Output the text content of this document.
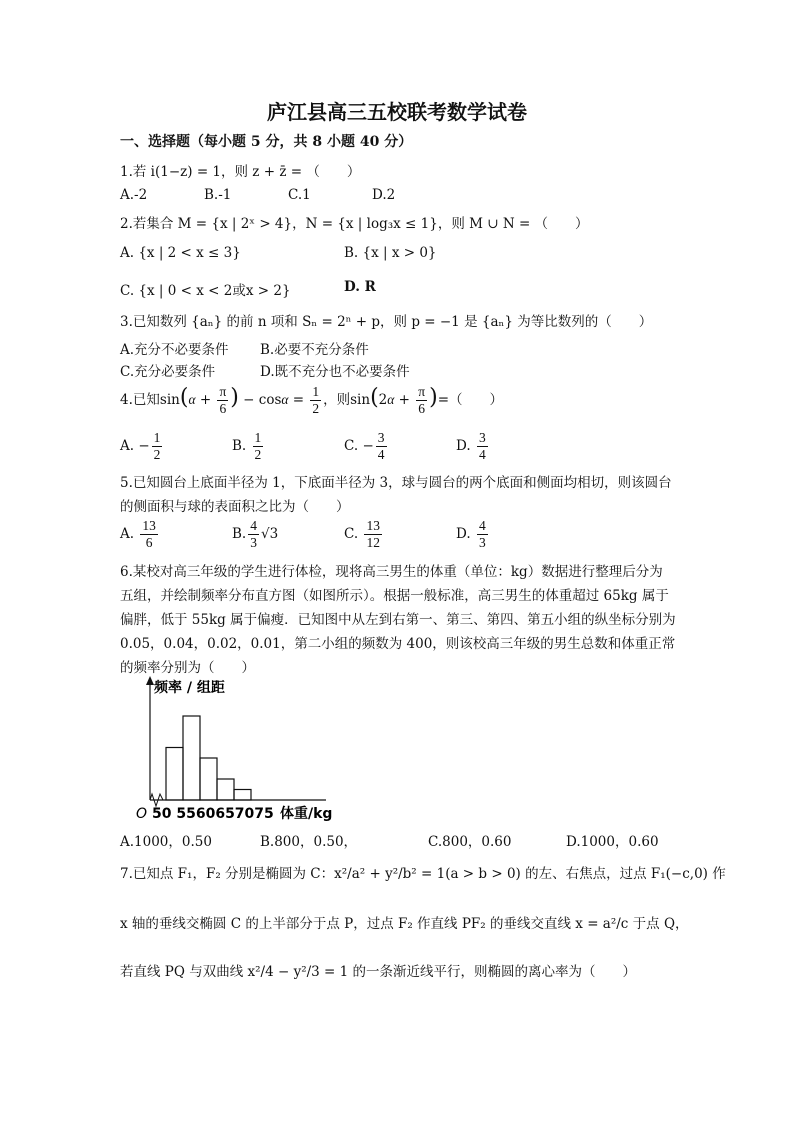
庐江县高三五校联考数学试卷
一、选择题（每小题 5 分，共 8 小题 40 分）
1.若 i(1−z) = 1，则 z + z̄ = （　　）
A.-2	B.-1	C.1	D.2
2.若集合 M = {x | 2ˣ > 4}，N = {x | log₃x ≤ 1}，则 M ∪ N = （　　）
A. {x | 2 < x ≤ 3}	B. {x | x > 0}
C. {x | 0 < x < 2或x > 2}	D. R
3.已知数列 {aₙ} 的前 n 项和 Sₙ = 2ⁿ + p，则 p = −1 是 {aₙ} 为等比数列的（　　）
A.充分不必要条件 B.必要不充分条件
C.充分必要条件	D.既不充分也不必要条件
4.已知$\sin(\alpha + \frac{\pi}{6}$ ) − $\cos\alpha = \frac{1}{2}$ ，则$\sin(2\alpha + \frac{\pi}{6}$ )=（　　）
A. − $\frac{1}{2}$	B. $\frac{1}{2}$	C. − $\frac{3}{4}$	D. $\frac{3}{4}$
5.已知圆台上底面半径为 1，下底面半径为 3，球与圆台的两个底面和侧面均相切，则该圆台的侧面积与球的表面积之比为（　　）
A. $\frac{13}{6}$	B. $\frac{4}{3} √3$	C. $\frac{13}{12}$	D. $\frac{4}{3}$
6.某校对高三年级的学生进行体检，现将高三男生的体重（单位：kg）数据进行整理后分为五组，并绘制频率分布直方图（如图所示）。根据一般标准，高三男生的体重超过 65kg 属于偏胖，低于 55kg 属于偏瘦．已知图中从左到右第一、第三、第四、第五小组的纵坐标分别为 0.05，0.04，0.02，0.01，第二小组的频数为 400，则该校高三年级的男生总数和体重正常的频率分别为（　　）
频率 / 组距
O 50 5560657075 体重/kg
A.1000，0.50	B.800，0.50，	C.800，0.60	D.1000，0.60
7.已知点 F₁，F₂ 分别是椭圆为 C：x²/a² + y²/b² = 1(a > b > 0) 的左、右焦点，过点 F₁(−c,0) 作
x 轴的垂线交椭圆 C 的上半部分于点 P，过点 F₂ 作直线 PF₂ 的垂线交直线 x = a²/c 于点 Q，
若直线 PQ 与双曲线 x²/4 − y²/3 = 1 的一条渐近线平行，则椭圆的离心率为（　　）
